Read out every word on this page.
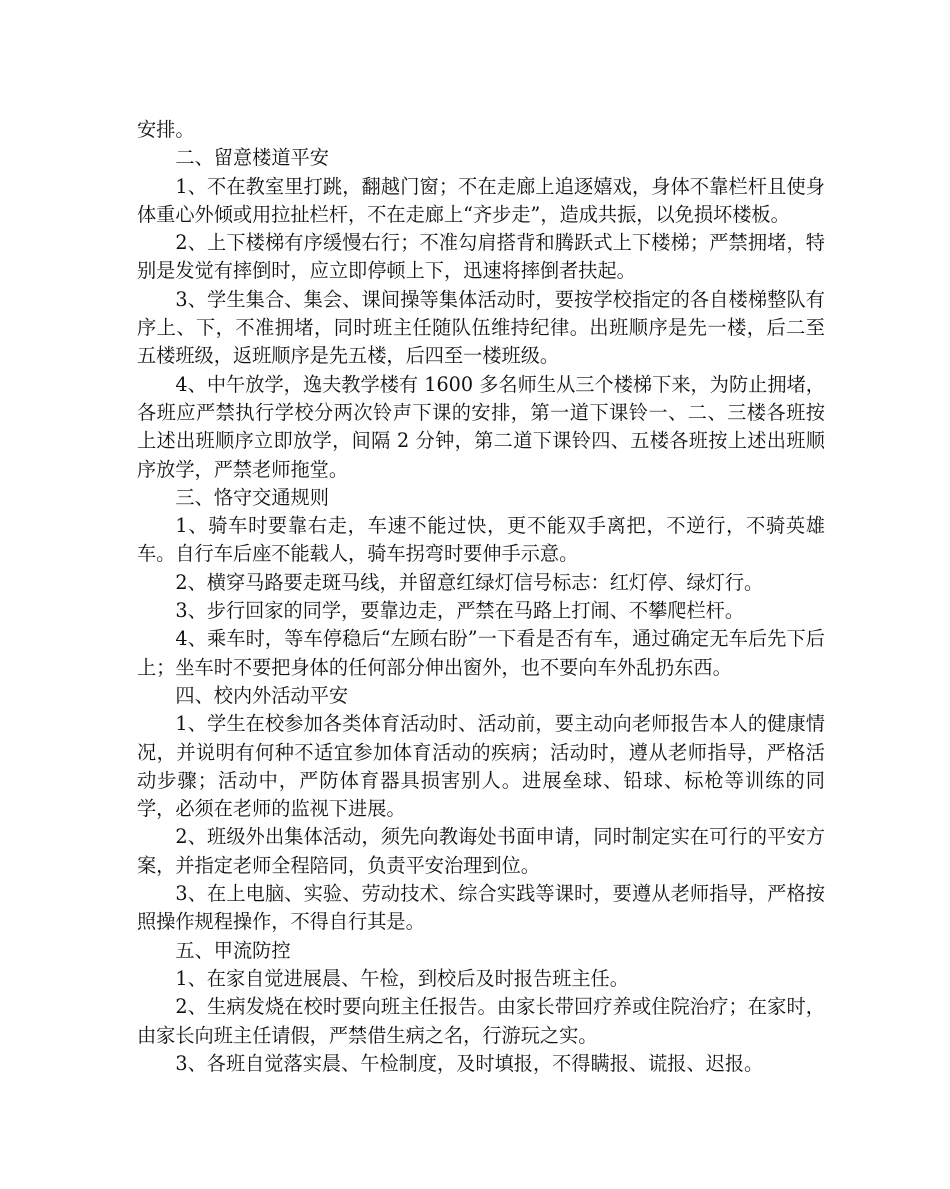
安排。

二、留意楼道平安

1、不在教室里打跳，翻越门窗；不在走廊上追逐嬉戏，身体不靠栏杆且使身体重心外倾或用拉扯栏杆，不在走廊上“齐步走”，造成共振，以免损坏楼板。

2、上下楼梯有序缓慢右行；不准勾肩搭背和腾跃式上下楼梯；严禁拥堵，特别是发觉有摔倒时，应立即停顿上下，迅速将摔倒者扶起。

3、学生集合、集会、课间操等集体活动时，要按学校指定的各自楼梯整队有序上、下，不准拥堵，同时班主任随队伍维持纪律。出班顺序是先一楼，后二至五楼班级，返班顺序是先五楼，后四至一楼班级。

4、中午放学，逸夫教学楼有 1600 多名师生从三个楼梯下来，为防止拥堵，各班应严禁执行学校分两次铃声下课的安排，第一道下课铃一、二、三楼各班按上述出班顺序立即放学，间隔 2 分钟，第二道下课铃四、五楼各班按上述出班顺序放学，严禁老师拖堂。

三、恪守交通规则

1、骑车时要靠右走，车速不能过快，更不能双手离把，不逆行，不骑英雄车。自行车后座不能载人，骑车拐弯时要伸手示意。

2、横穿马路要走斑马线，并留意红绿灯信号标志：红灯停、绿灯行。

3、步行回家的同学，要靠边走，严禁在马路上打闹、不攀爬栏杆。

4、乘车时，等车停稳后“左顾右盼”一下看是否有车，通过确定无车后先下后上；坐车时不要把身体的任何部分伸出窗外，也不要向车外乱扔东西。

四、校内外活动平安

1、学生在校参加各类体育活动时、活动前，要主动向老师报告本人的健康情况，并说明有何种不适宜参加体育活动的疾病；活动时，遵从老师指导，严格活动步骤；活动中，严防体育器具损害别人。进展垒球、铅球、标枪等训练的同学，必须在老师的监视下进展。

2、班级外出集体活动，须先向教诲处书面申请，同时制定实在可行的平安方案，并指定老师全程陪同，负责平安治理到位。

3、在上电脑、实验、劳动技术、综合实践等课时，要遵从老师指导，严格按照操作规程操作，不得自行其是。

五、甲流防控

1、在家自觉进展晨、午检，到校后及时报告班主任。

2、生病发烧在校时要向班主任报告。由家长带回疗养或住院治疗；在家时，由家长向班主任请假，严禁借生病之名，行游玩之实。

3、各班自觉落实晨、午检制度，及时填报，不得瞒报、谎报、迟报。
